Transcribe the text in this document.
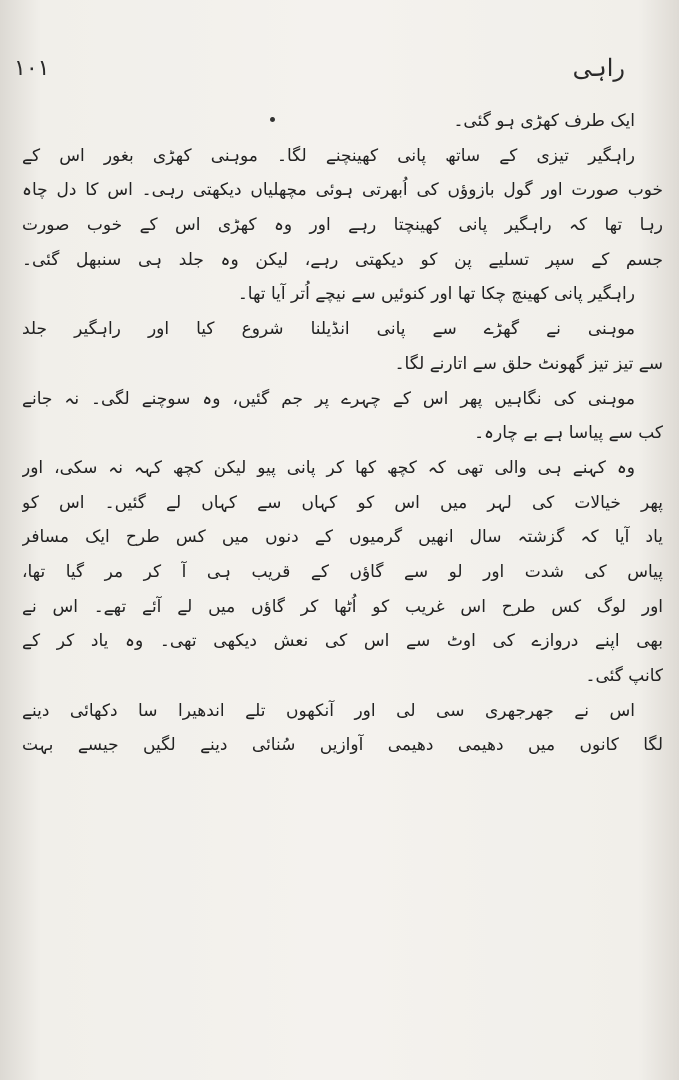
۱۰۱	راہی
ایک طرف کھڑی ہو گئی۔
راہگیر تیزی کے ساتھ پانی کھینچنے لگا۔ موہنی کھڑی بغور اس کے
خوب صورت اور گول بازوؤں کی اُبھرتی ہوئی مچھلیاں دیکھتی رہی۔ اس کا دل چاہ
رہا تھا کہ راہگیر پانی کھینچتا رہے اور وہ کھڑی اس کے خوب صورت
جسم کے سپر تسلیے پن کو دیکھتی رہے، لیکن وہ جلد ہی سنبھل گئی۔
راہگیر پانی کھینچ چکا تھا اور کنوئیں سے نیچے اُتر آیا تھا۔
موہنی نے گھڑے سے پانی انڈیلنا شروع کیا اور راہگیر جلد
سے تیز تیز گھونٹ حلق سے اتارنے لگا۔
موہنی کی نگاہیں پھر اس کے چہرے پر جم گئیں، وہ سوچنے لگی۔ نہ جانے
کب سے پیاسا ہے بے چارہ۔
وہ کہنے ہی والی تھی کہ کچھ کھا کر پانی پیو لیکن کچھ کہہ نہ سکی، اور
پھر خیالات کی لہر میں اس کو کہاں سے کہاں لے گئیں۔ اس کو
یاد آیا کہ گزشتہ سال انھیں گرمیوں کے دنوں میں کس طرح ایک مسافر
پیاس کی شدت اور لو سے گاؤں کے قریب ہی آ کر مر گیا تھا،
اور لوگ کس طرح اس غریب کو اُٹھا کر گاؤں میں لے آئے تھے۔ اس نے
بھی اپنے دروازے کی اوٹ سے اس کی نعش دیکھی تھی۔ وہ یاد کر کے
کانپ گئی۔
اس نے جھرجھری سی لی اور آنکھوں تلے اندھیرا سا دکھائی دینے
لگا کانوں میں دھیمی دھیمی آوازیں سُنائی دینے لگیں جیسے بہت
